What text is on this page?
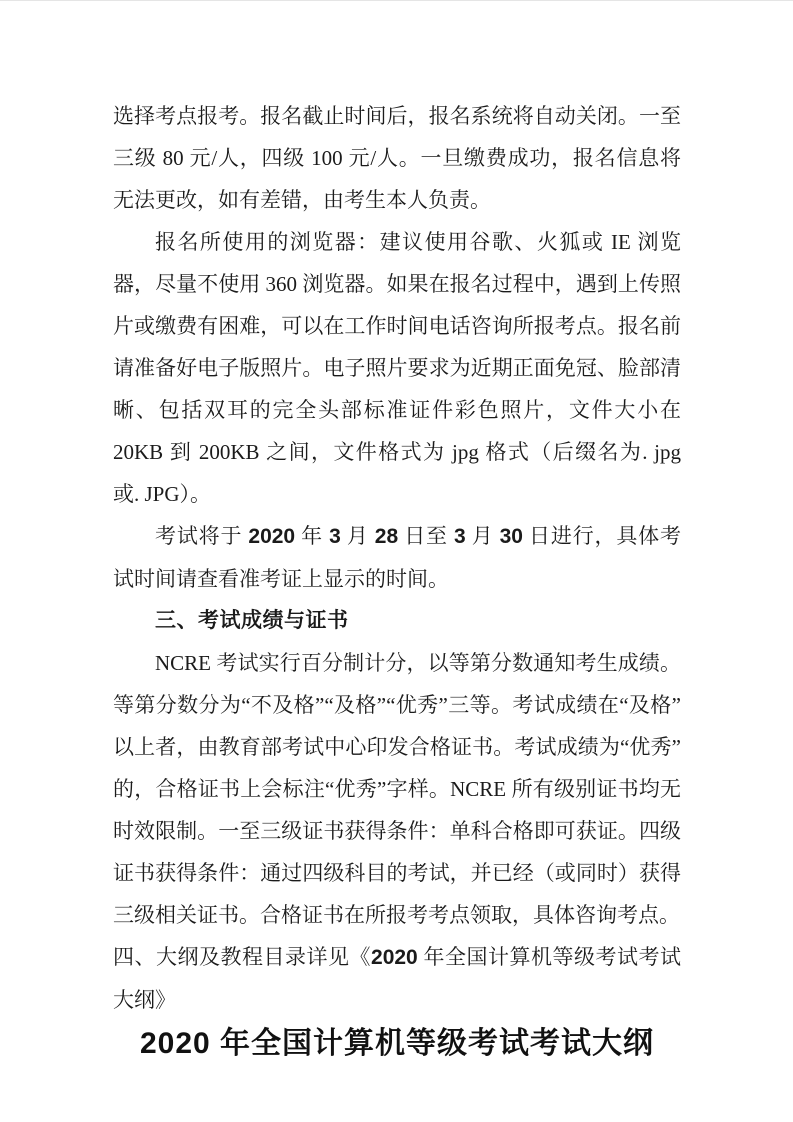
选择考点报考。报名截止时间后，报名系统将自动关闭。一至三级 80 元/人，四级 100 元/人。一旦缴费成功，报名信息将无法更改，如有差错，由考生本人负责。

报名所使用的浏览器：建议使用谷歌、火狐或 IE 浏览器，尽量不使用 360 浏览器。如果在报名过程中，遇到上传照片或缴费有困难，可以在工作时间电话咨询所报考点。报名前请准备好电子版照片。电子照片要求为近期正面免冠、脸部清晰、包括双耳的完全头部标准证件彩色照片，文件大小在 20KB 到 200KB 之间，文件格式为 jpg 格式（后缀名为. jpg 或. JPG）。

考试将于 2020 年 3 月 28 日至 3 月 30 日进行，具体考试时间请查看准考证上显示的时间。

三、考试成绩与证书

NCRE 考试实行百分制计分，以等第分数通知考生成绩。等第分数分为“不及格”“及格”“优秀”三等。考试成绩在“及格”以上者，由教育部考试中心印发合格证书。考试成绩为“优秀”的，合格证书上会标注“优秀”字样。NCRE 所有级别证书均无时效限制。一至三级证书获得条件：单科合格即可获证。四级证书获得条件：通过四级科目的考试，并已经（或同时）获得三级相关证书。合格证书在所报考考点领取，具体咨询考点。

四、大纲及教程目录详见《2020 年全国计算机等级考试考试大纲》

2020 年全国计算机等级考试考试大纲
